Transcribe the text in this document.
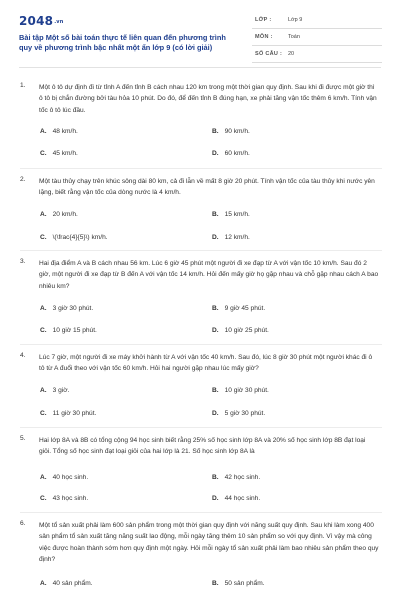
2048.vn
Bài tập Một số bài toán thực tế liên quan đến phương trình quy về phương trình bậc nhất một ẩn lớp 9 (có lời giải)
LỚP :	Lớp 9
MÔN :	Toán
SỐ CÂU : 20
1. Một ô tô dự định đi từ tỉnh A đến tỉnh B cách nhau 120 km trong một thời gian quy định. Sau khi đi được một giờ thì ô tô bị chắn đường bởi tàu hỏa 10 phút. Do đó, để đến tỉnh B đúng hạn, xe phải tăng vận tốc thêm 6 km/h. Tính vận tốc ô tô lúc đầu.
A. 48 km/h.	B. 90 km/h.
C. 45 km/h.	D. 60 km/h.
2. Một tàu thủy chạy trên khúc sông dài 80 km, cả đi lẫn về mất 8 giờ 20 phút. Tính vận tốc của tàu thủy khi nước yên lặng, biết rằng vận tốc của dòng nước là 4 km/h.
A. 20 km/h.	B. 15 km/h.
C. \(\frac{4}{5}\) km/h.	D. 12 km/h.
3. Hai địa điểm A và B cách nhau 56 km. Lúc 6 giờ 45 phút một người đi xe đạp từ A với vận tốc 10 km/h. Sau đó 2 giờ, một người đi xe đạp từ B đến A với vận tốc 14 km/h. Hỏi đến mấy giờ họ gặp nhau và chỗ gặp nhau cách A bao nhiêu km?
A. 3 giờ 30 phút.	B. 9 giờ 45 phút.
C. 10 giờ 15 phút.	D. 10 giờ 25 phút.
4. Lúc 7 giờ, một người đi xe máy khởi hành từ A với vận tốc 40 km/h. Sau đó, lúc 8 giờ 30 phút một người khác đi ô tô từ A đuổi theo với vận tốc 60 km/h. Hỏi hai người gặp nhau lúc mấy giờ?
A. 3 giờ.	B. 10 giờ 30 phút.
C. 11 giờ 30 phút.	D. 5 giờ 30 phút.
5. Hai lớp 8A và 8B có tổng cộng 94 học sinh biết rằng 25% số học sinh lớp 8A và 20% số học sinh lớp 8B đạt loại giỏi. Tổng số học sinh đạt loại giỏi của hai lớp là 21. Số học sinh lớp 8A là
A. 40 học sinh.	B. 42 học sinh.
C. 43 học sinh.	D. 44 học sinh.
6. Một tổ sản xuất phải làm 600 sản phẩm trong một thời gian quy định với năng suất quy định. Sau khi làm xong 400 sản phẩm tổ sản xuất tăng năng suất lao động, mỗi ngày tăng thêm 10 sản phẩm so với quy định. Vì vậy mà công việc được hoàn thành sớm hơn quy định một ngày. Hỏi mỗi ngày tổ sản xuất phải làm bao nhiêu sản phẩm theo quy định?
A. 40 sản phẩm.	B. 50 sản phẩm.
